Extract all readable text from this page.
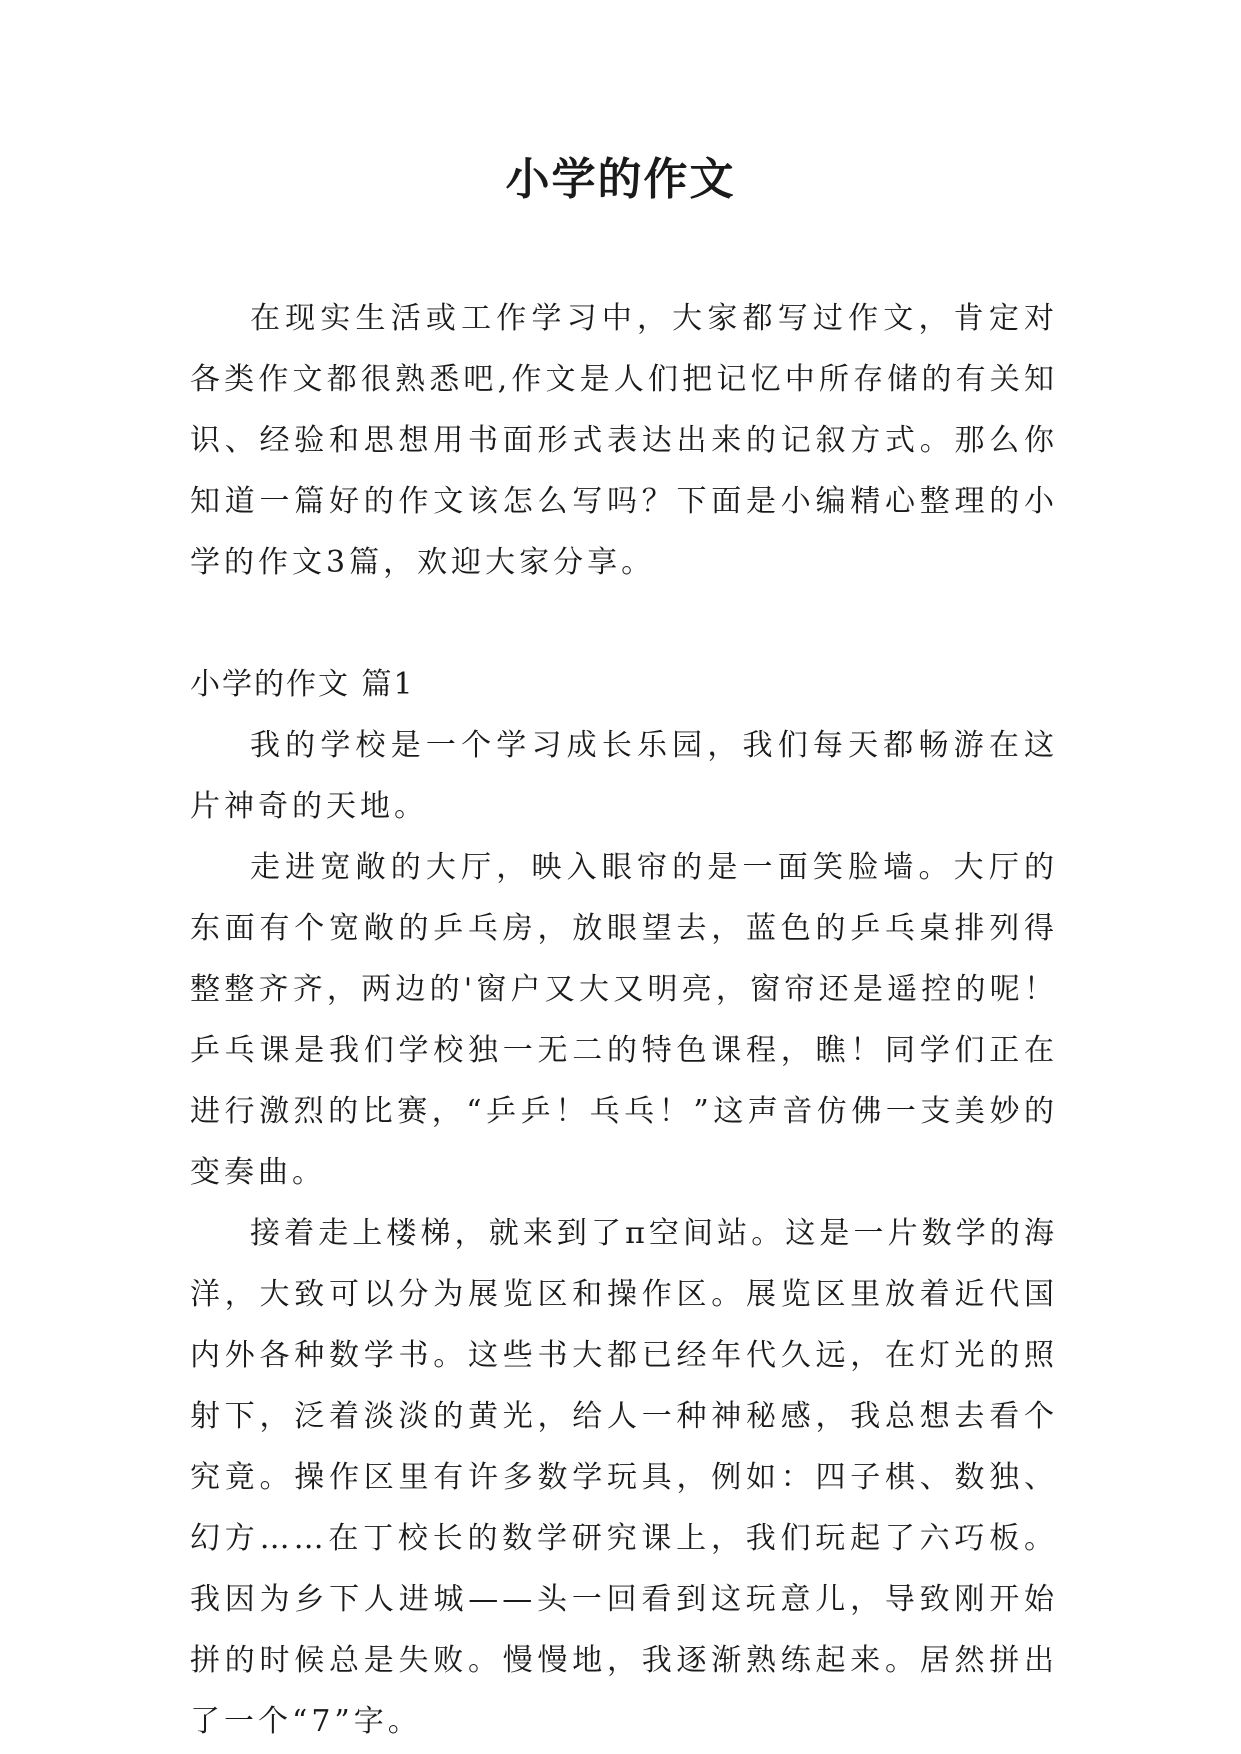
小学的作文

在现实生活或工作学习中，大家都写过作文，肯定对各类作文都很熟悉吧,作文是人们把记忆中所存储的有关知识、经验和思想用书面形式表达出来的记叙方式。那么你知道一篇好的作文该怎么写吗？下面是小编精心整理的小学的作文3篇，欢迎大家分享。

小学的作文 篇1

我的学校是一个学习成长乐园，我们每天都畅游在这片神奇的天地。

走进宽敞的大厅，映入眼帘的是一面笑脸墙。大厅的东面有个宽敞的乒乓房，放眼望去，蓝色的乒乓桌排列得整整齐齐，两边的'窗户又大又明亮，窗帘还是遥控的呢！乒乓课是我们学校独一无二的特色课程，瞧！同学们正在进行激烈的比赛，“乒乒！乓乓！”这声音仿佛一支美妙的变奏曲。

接着走上楼梯，就来到了π空间站。这是一片数学的海洋，大致可以分为展览区和操作区。展览区里放着近代国内外各种数学书。这些书大都已经年代久远，在灯光的照射下，泛着淡淡的黄光，给人一种神秘感，我总想去看个究竟。操作区里有许多数学玩具，例如：四子棋、数独、幻方……在丁校长的数学研究课上，我们玩起了六巧板。我因为乡下人进城——头一回看到这玩意儿，导致刚开始拼的时候总是失败。慢慢地，我逐渐熟练起来。居然拼出了一个“7”字。
